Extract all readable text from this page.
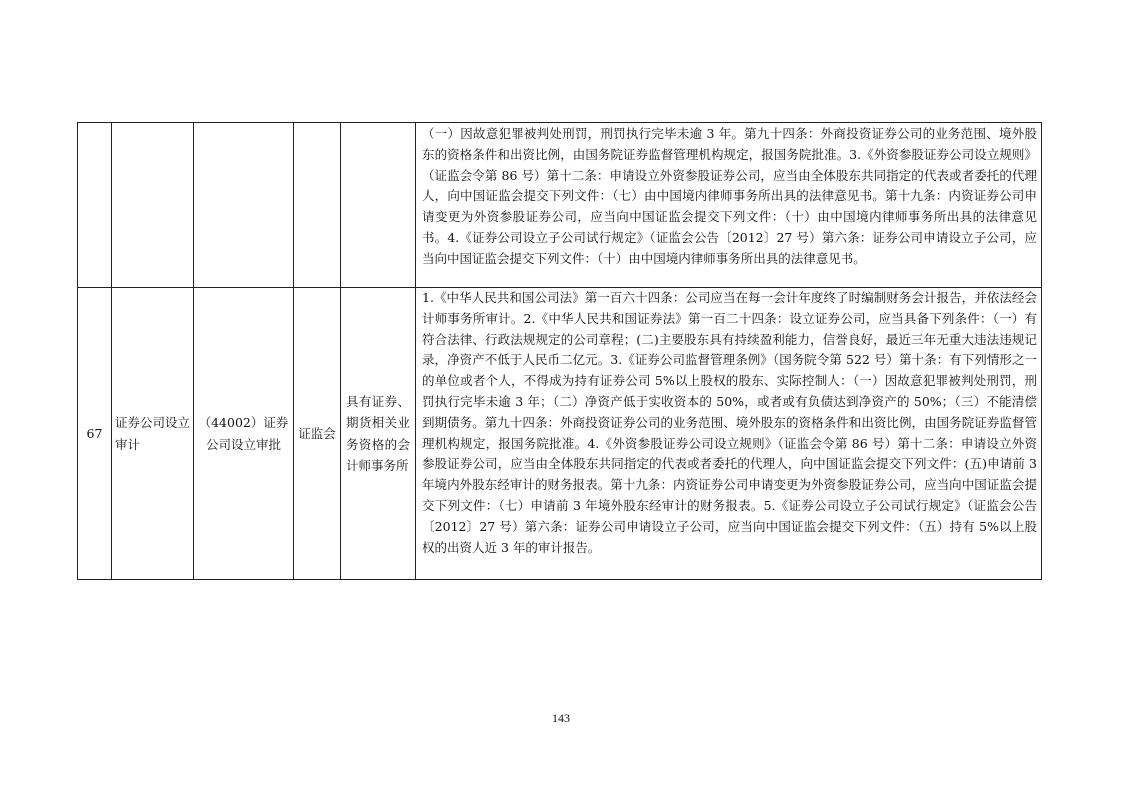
					（一）因故意犯罪被判处刑罚，刑罚执行完毕未逾 3 年。第九十四条：外商投资证券公司的业务范围、境外股东的资格条件和出资比例，由国务院证券监督管理机构规定，报国务院批准。3.《外资参股证券公司设立规则》（证监会令第 86 号）第十二条：申请设立外资参股证券公司，应当由全体股东共同指定的代表或者委托的代理人，向中国证监会提交下列文件：（七）由中国境内律师事务所出具的法律意见书。第十九条：内资证券公司申请变更为外资参股证券公司，应当向中国证监会提交下列文件：（十）由中国境内律师事务所出具的法律意见书。4.《证券公司设立子公司试行规定》（证监会公告〔2012〕27 号）第六条：证券公司申请设立子公司，应当向中国证监会提交下列文件：（十）由中国境内律师事务所出具的法律意见书。
67	证券公司设立审计	（44002）证券公司设立审批	证监会	具有证券、期货相关业务资格的会计师事务所	1.《中华人民共和国公司法》第一百六十四条：公司应当在每一会计年度终了时编制财务会计报告，并依法经会计师事务所审计。2.《中华人民共和国证券法》第一百二十四条：设立证券公司，应当具备下列条件：（一）有符合法律、行政法规规定的公司章程；(二)主要股东具有持续盈利能力，信誉良好，最近三年无重大违法违规记录，净资产不低于人民币二亿元。3.《证券公司监督管理条例》（国务院令第 522 号）第十条：有下列情形之一的单位或者个人，不得成为持有证券公司 5%以上股权的股东、实际控制人：（一）因故意犯罪被判处刑罚，刑罚执行完毕未逾 3 年；（二）净资产低于实收资本的 50%，或者或有负债达到净资产的 50%；（三）不能清偿到期债务。第九十四条：外商投资证券公司的业务范围、境外股东的资格条件和出资比例，由国务院证券监督管理机构规定，报国务院批准。4.《外资参股证券公司设立规则》（证监会令第 86 号）第十二条：申请设立外资参股证券公司，应当由全体股东共同指定的代表或者委托的代理人，向中国证监会提交下列文件：(五)申请前 3 年境内外股东经审计的财务报表。第十九条：内资证券公司申请变更为外资参股证券公司，应当向中国证监会提交下列文件：（七）申请前 3 年境外股东经审计的财务报表。5.《证券公司设立子公司试行规定》（证监会公告〔2012〕27 号）第六条：证券公司申请设立子公司，应当向中国证监会提交下列文件：（五）持有 5%以上股权的出资人近 3 年的审计报告。
143
